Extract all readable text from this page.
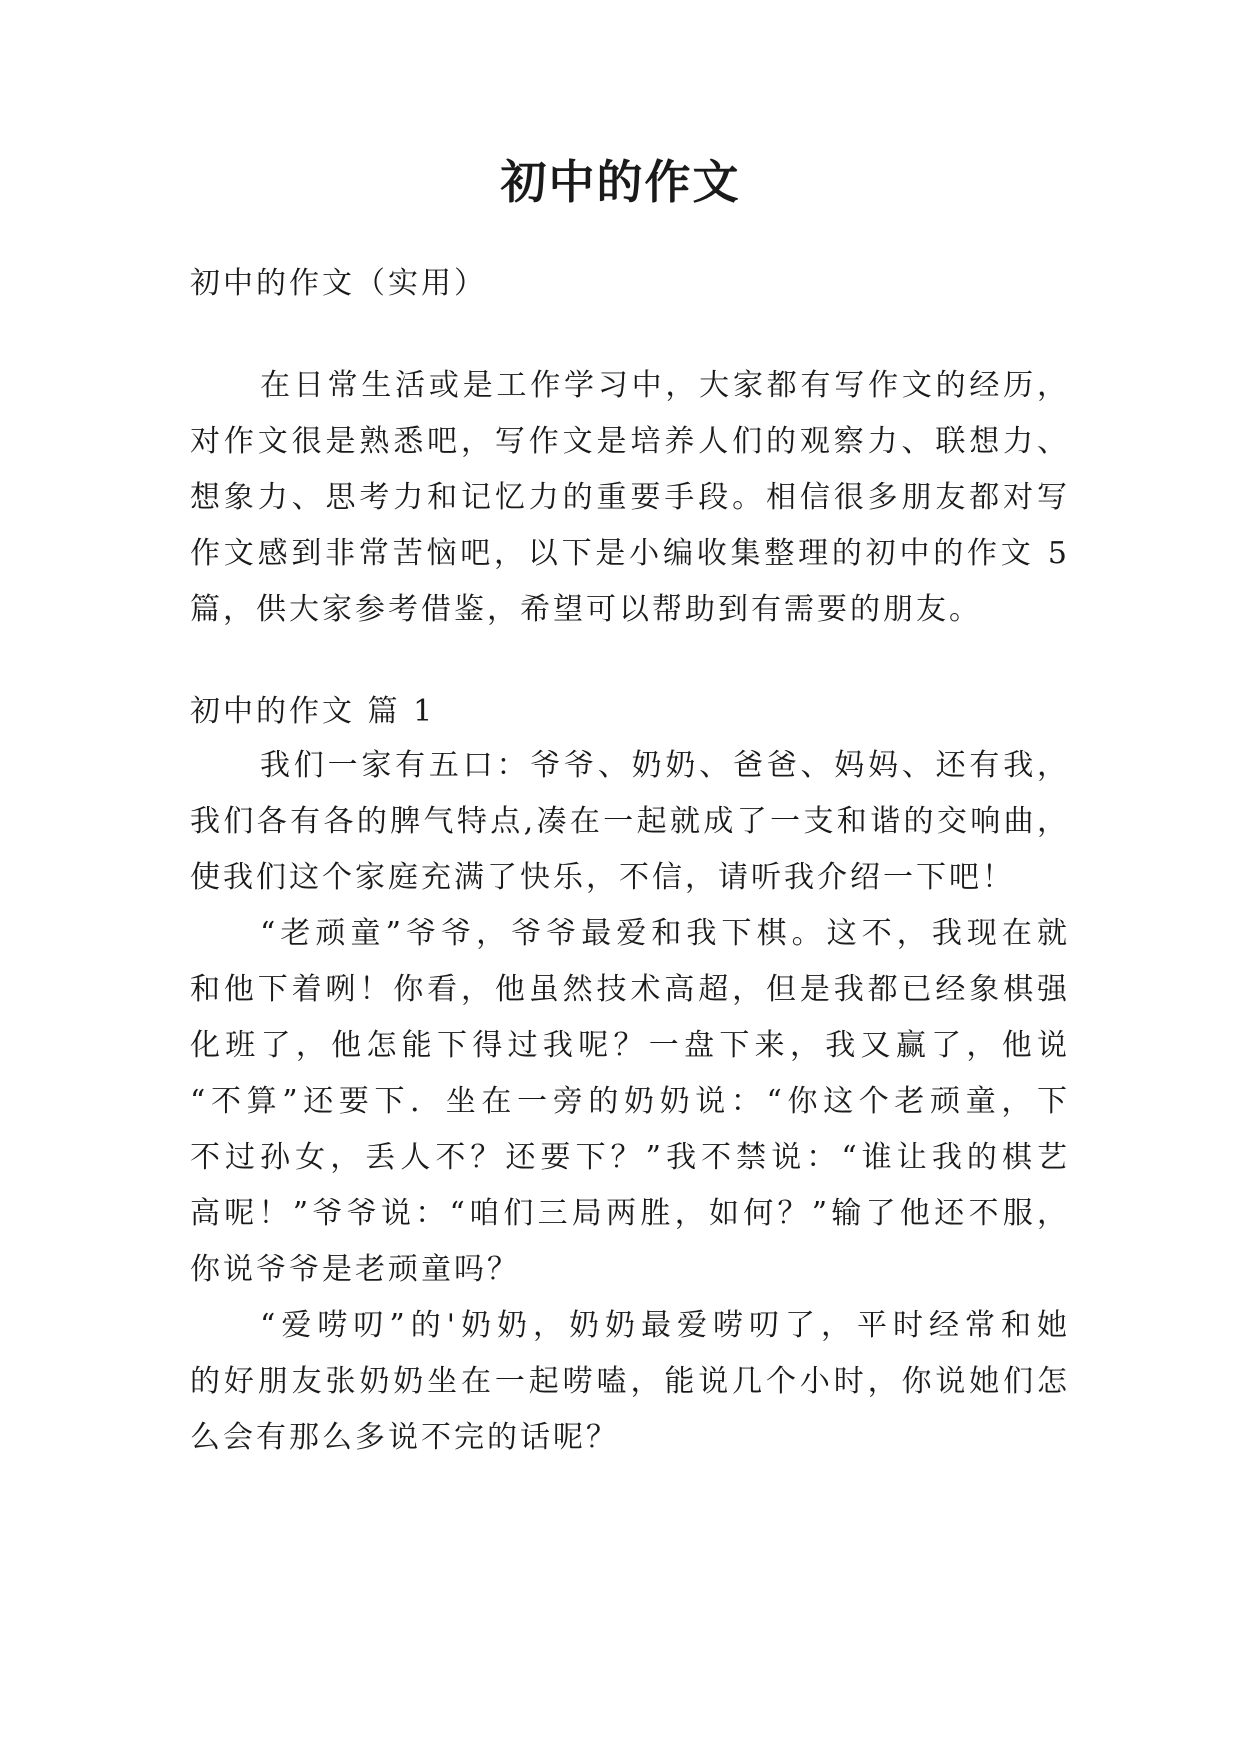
初中的作文
初中的作文（实用）
在日常生活或是工作学习中，大家都有写作文的经历，
对作文很是熟悉吧，写作文是培养人们的观察力、联想力、
想象力、思考力和记忆力的重要手段。相信很多朋友都对写
作文感到非常苦恼吧，以下是小编收集整理的初中的作文 5
篇，供大家参考借鉴，希望可以帮助到有需要的朋友。
初中的作文 篇 1
我们一家有五口：爷爷、奶奶、爸爸、妈妈、还有我，
我们各有各的脾气特点,凑在一起就成了一支和谐的交响曲，
使我们这个家庭充满了快乐，不信，请听我介绍一下吧！
“老顽童”爷爷，爷爷最爱和我下棋。这不，我现在就
和他下着咧！你看，他虽然技术高超，但是我都已经象棋强
化班了，他怎能下得过我呢？一盘下来，我又赢了，他说
“不算”还要下．坐在一旁的奶奶说：“你这个老顽童，下
不过孙女，丢人不？还要下？”我不禁说：“谁让我的棋艺
高呢！”爷爷说：“咱们三局两胜，如何？”输了他还不服，
你说爷爷是老顽童吗？
“爱唠叨”的'奶奶，奶奶最爱唠叨了，平时经常和她
的好朋友张奶奶坐在一起唠嗑，能说几个小时，你说她们怎
么会有那么多说不完的话呢？
